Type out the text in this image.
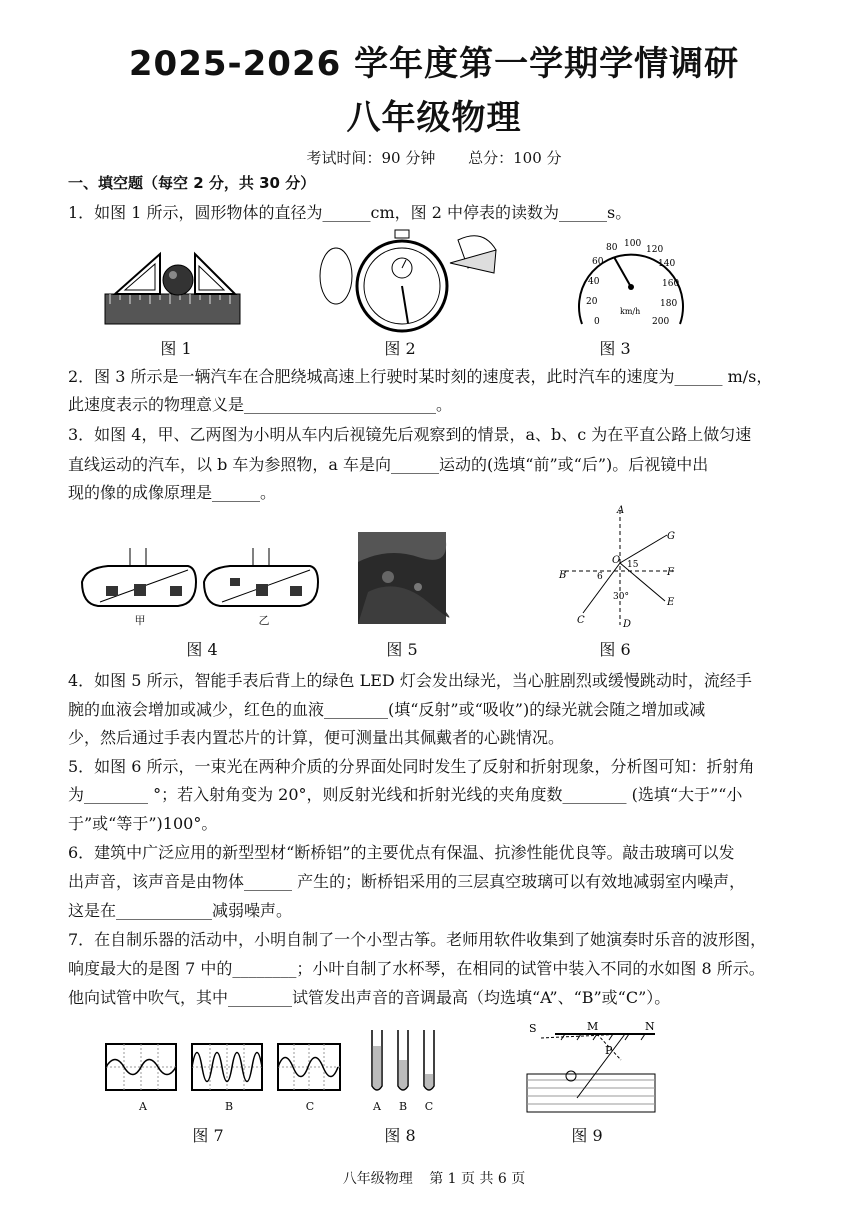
2025-2026 学年度第一学期学情调研
八年级物理
考试时间：90 分钟 总分：100 分
一、填空题（每空 2 分，共 30 分）
1．如图 1 所示，圆形物体的直径为______cm，图 2 中停表的读数为______s。
图 1	图 2
0
20
40
60
80 100
120
140
160
180
200
km/h
图 3
2．图 3 所示是一辆汽车在合肥绕城高速上行驶时某时刻的速度表，此时汽车的速度为______ m/s，
此速度表示的物理意义是________________________。
3．如图 4，甲、乙两图为小明从车内后视镜先后观察到的情景，a、b、c 为在平直公路上做匀速
直线运动的汽车，以 b 车为参照物，a 车是向______运动的(选填“前”或“后”)。后视镜中出
现的像的成像原理是______。
甲	乙
图 4	图 5
A
B
C	D
E
F
G
O
6
30°
15
图 6
4．如图 5 所示，智能手表后背上的绿色 LED 灯会发出绿光，当心脏剧烈或缓慢跳动时，流经手
腕的血液会增加或减少，红色的血液________(填“反射”或“吸收”)的绿光就会随之增加或减
少，然后通过手表内置芯片的计算，便可测量出其佩戴者的心跳情况。
5．如图 6 所示，一束光在两种介质的分界面处同时发生了反射和折射现象，分析图可知：折射角
为________ °；若入射角变为 20°，则反射光线和折射光线的夹角度数________ (选填“大于”“小
于”或“等于”)100°。
6．建筑中广泛应用的新型型材“断桥铝”的主要优点有保温、抗渗性能优良等。敲击玻璃可以发
出声音，该声音是由物体______ 产生的；断桥铝采用的三层真空玻璃可以有效地减弱室内噪声，
这是在____________减弱噪声。
7．在自制乐器的活动中，小明自制了一个小型古筝。老师用软件收集到了她演奏时乐音的波形图，
响度最大的是图 7 中的________；小叶自制了水杯琴，在相同的试管中装入不同的水如图 8 所示。
他向试管中吹气，其中________试管发出声音的音调最高（均选填“A”、“B”或“C”）。
A	B	C
图 7
A	B	C
图 8
S	M	N
P
图 9
八年级物理 第 1 页 共 6 页
